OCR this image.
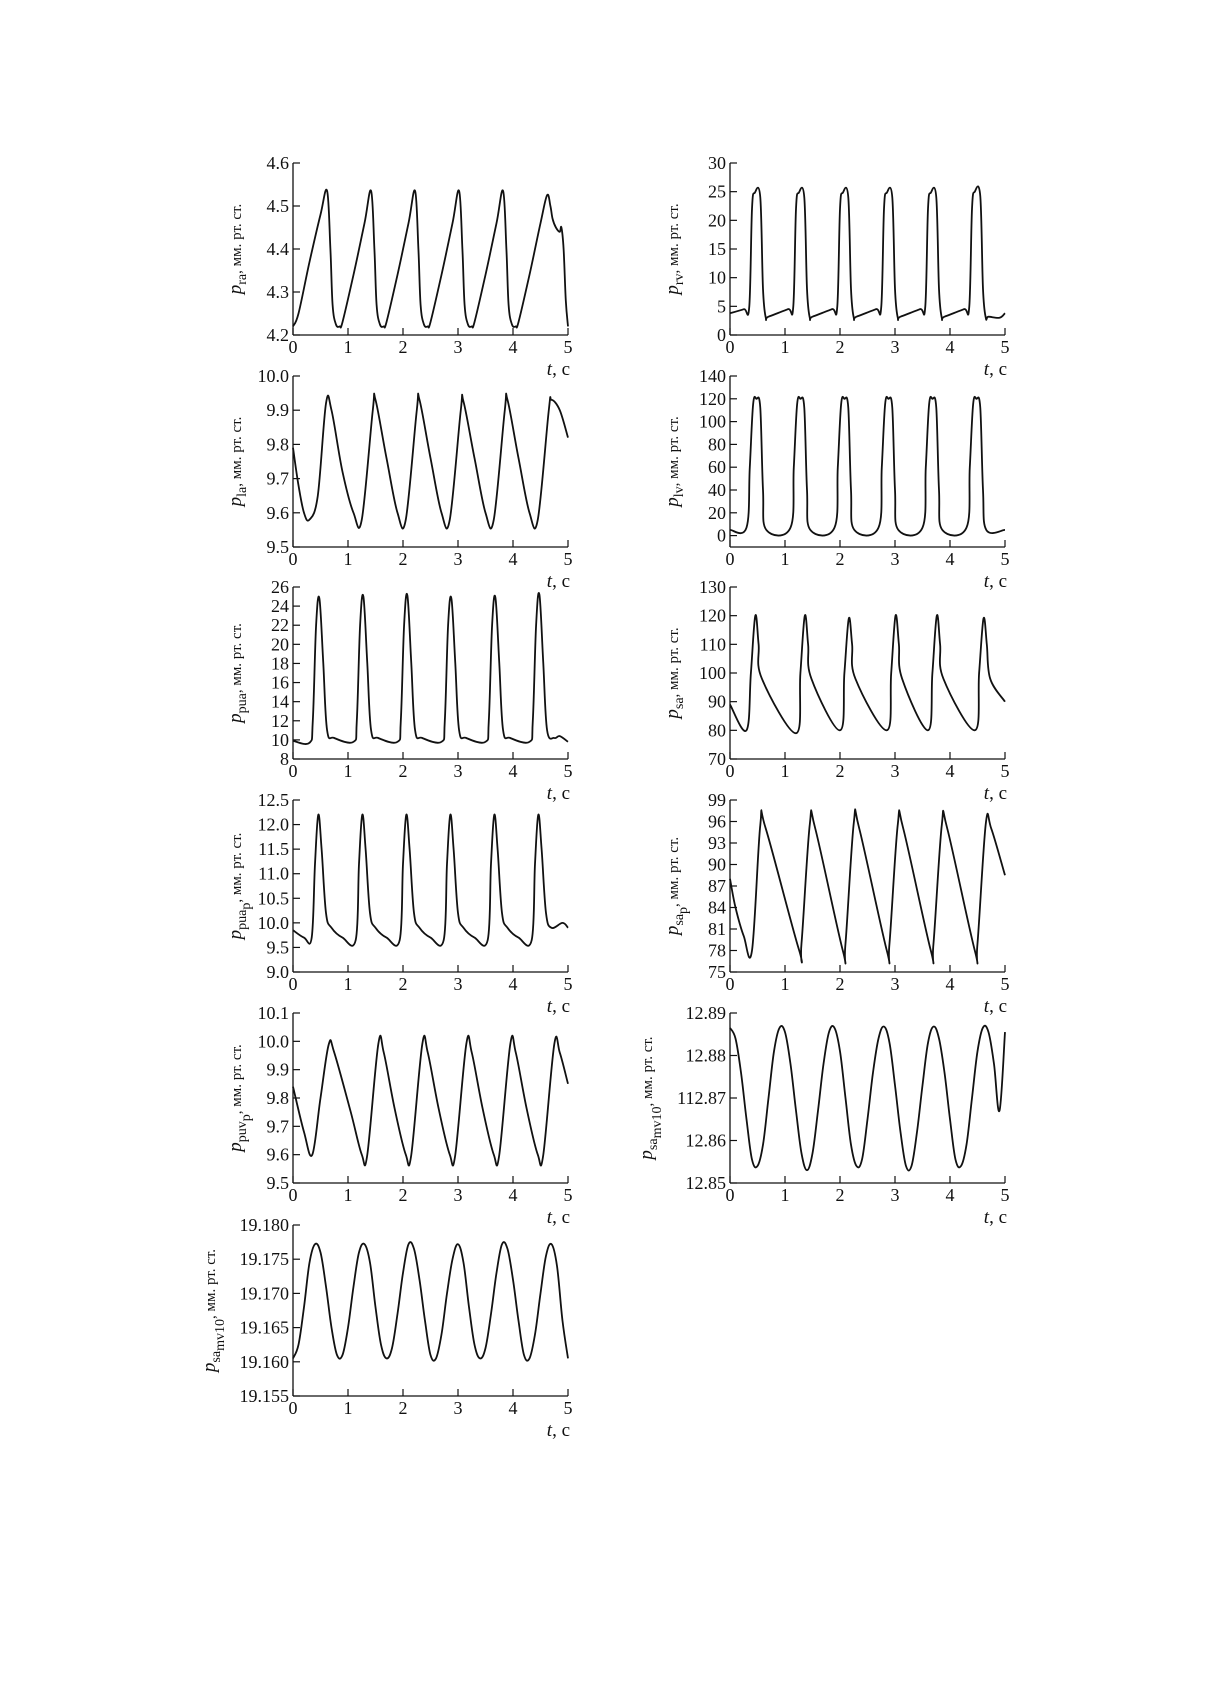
4.2
4.3
4.4
4.5
4.6
0	1	2	3	4	5
t, с
$p_{ra}^{, мм. рт. ст.}$
0
5
10
15
20
25
30
0	1	2	3	4	5
t, с
$p_{rv}^{, мм. рт. ст.}$
9.5
9.6
9.7
9.8
9.9
10.0
0	1	2	3	4	5
t, с
$p_{la}^{, мм. рт. ст.}$
0
20
40
60
80
100
120
140
0	1	2	3	4	5
t, с
$p_{lv}^{, мм. рт. ст.}$
8
10
12
14
16
18
20
22
24
26
0	1	2	3	4	5
t, с
$p_{pua}^{, мм. рт. ст.}$
70
80
90
100
110
120
130
0	1	2	3	4	5
t, с
$p_{sa}^{, мм. рт. ст.}$
9.0
9.5
10.0
10.5
11.0
11.5
12.0
12.5
0	1	2	3	4	5
t, с
$p_{puap}^{, мм. рт. ст.}$
75
78
81
84
87
90
93
96
99
0	1	2	3	4	5
t, с
$p_{sap}^{, мм. рт. ст.}$
9.5
9.6
9.7
9.8
9.9
10.0
10.1
0	1	2	3	4	5
t, с
$p_{puvp}^{, мм. рт. ст.}$
12.85
12.86
112.87
12.88
12.89
0	1	2	3	4	5
t, с
$p_{samv10}^{, мм. рт. ст.}$
19.155
19.160
19.165
19.170
19.175
19.180
0	1	2	3	4	5
t, с
$p_{samv10}^{, мм. рт. ст.}$
